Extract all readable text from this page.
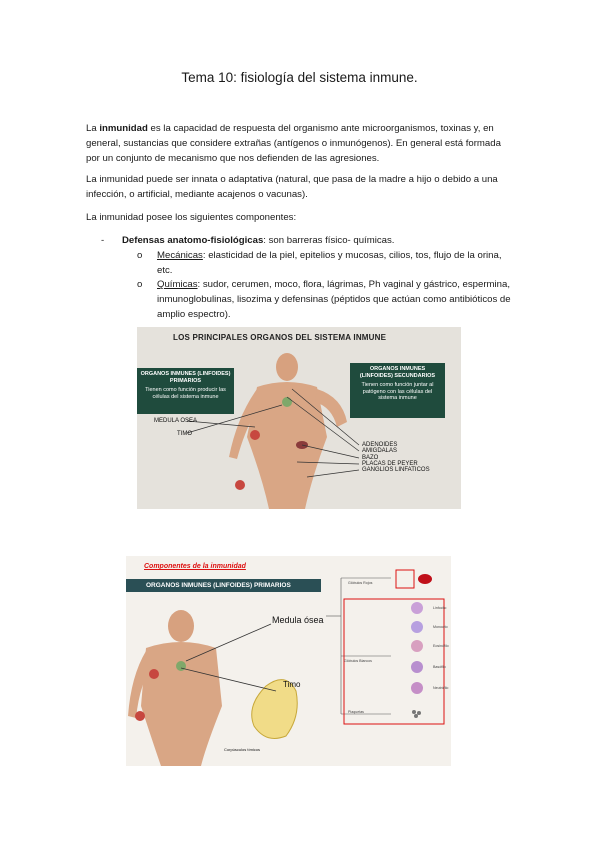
Tema 10: fisiología del sistema inmune.

La inmunidad es la capacidad de respuesta del organismo ante microorganismos, toxinas y, en general, sustancias que considere extrañas (antígenos o inmunógenos). En general está formada por un conjunto de mecanismo que nos defienden de las agresiones.

La inmunidad puede ser innata o adaptativa (natural, que pasa de la madre a hijo o debido a una infección, o artificial, mediante acajenos o vacunas).

La inmunidad posee los siguientes componentes:

- Defensas anatomo-fisiológicas: son barreras físico- químicas.
o Mecánicas: elasticidad de la piel, epitelios y mucosas, cilios, tos, flujo de la orina, etc.
o Químicas: sudor, cerumen, moco, flora, lágrimas, Ph vaginal y gástrico, espermina, inmunoglobulinas, lisozima y defensinas (péptidos que actúan como antibióticos de amplio espectro).
LOS PRINCIPALES ORGANOS DEL SISTEMA INMUNE
ORGANOS INMUNES (LINFOIDES) PRIMARIOS
Tienen como función producir las células del sistema inmune
ORGANOS INMUNES (LINFOIDES) SECUNDARIOS
Tienen como función juntar al patógeno con las células del sistema inmune
MEDULA OSEA
TIMO
ADENOIDES
AMIGDALAS
BAZO
PLACAS DE PEYER
GANGLIOS LINFATICOS
Componentes de la inmunidad
ORGANOS INMUNES (LINFOIDES) PRIMARIOS
Medula ósea
Timo
Corpúsculos tímicos
Glóbulos Rojos
Glóbulos Blancos
Plaquetas
Linfocito
Monocito
Eosinófilo
Basófilo
Neutrófilo
